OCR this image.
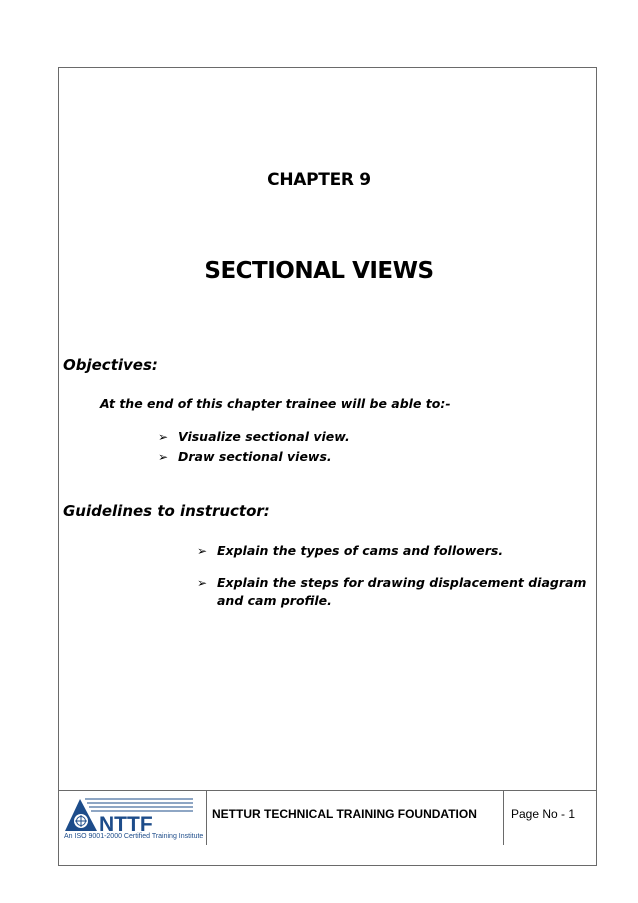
CHAPTER 9
SECTIONAL VIEWS
Objectives:
At the end of this chapter trainee will be able to:-
➢ Visualize sectional view.
➢ Draw sectional views.
Guidelines to instructor:
➢ Explain the types of cams and followers.
➢ Explain the steps for drawing displacement diagram and cam profile.
NTTF
An ISO 9001-2000 Certified Training Institute
NETTUR TECHNICAL TRAINING FOUNDATION	Page No - 1
